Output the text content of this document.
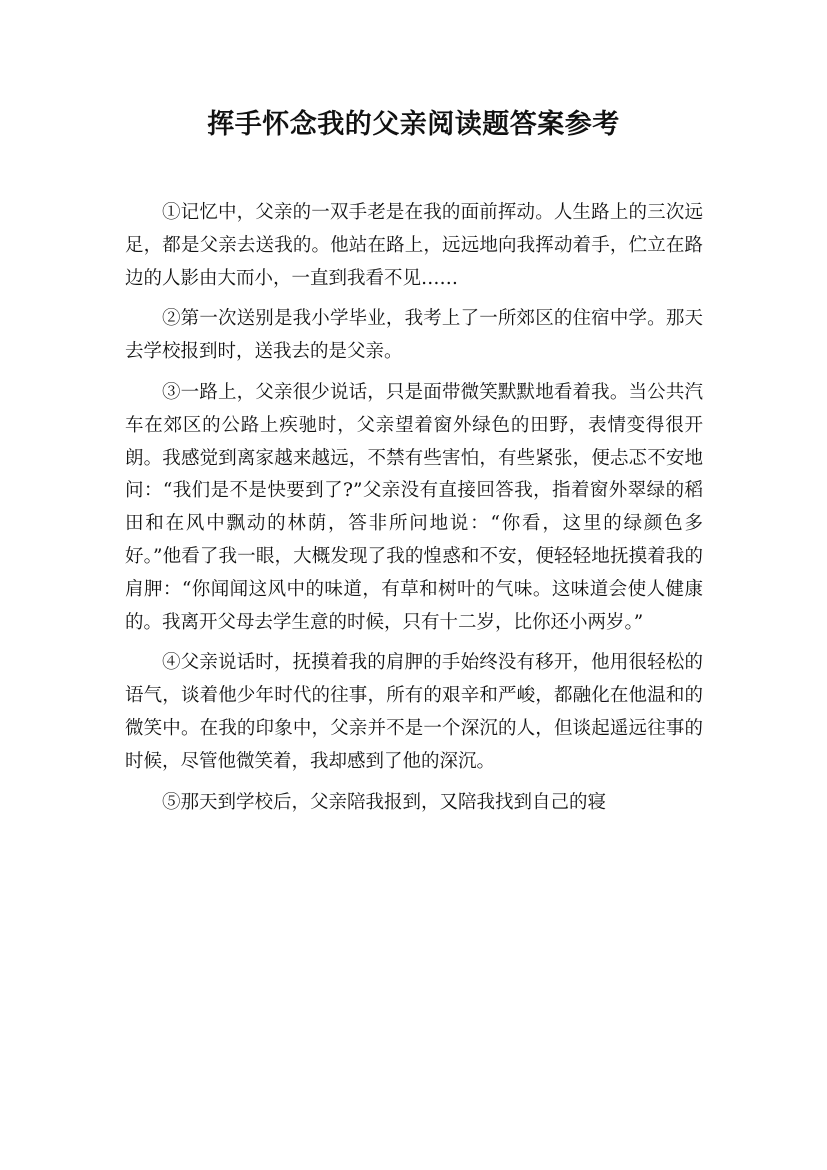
挥手怀念我的父亲阅读题答案参考

①记忆中，父亲的一双手老是在我的面前挥动。人生路上的三次远足，都是父亲去送我的。他站在路上，远远地向我挥动着手，伫立在路边的人影由大而小，一直到我看不见……

②第一次送别是我小学毕业，我考上了一所郊区的住宿中学。那天去学校报到时，送我去的是父亲。

③一路上，父亲很少说话，只是面带微笑默默地看着我。当公共汽车在郊区的公路上疾驰时，父亲望着窗外绿色的田野，表情变得很开朗。我感觉到离家越来越远，不禁有些害怕，有些紧张，便忐忑不安地问：“我们是不是快要到了?”父亲没有直接回答我，指着窗外翠绿的稻田和在风中飘动的林荫，答非所问地说：“你看，这里的绿颜色多好。”他看了我一眼，大概发现了我的惶惑和不安，便轻轻地抚摸着我的肩胛：“你闻闻这风中的味道，有草和树叶的气味。这味道会使人健康的。我离开父母去学生意的时候，只有十二岁，比你还小两岁。”

④父亲说话时，抚摸着我的肩胛的手始终没有移开，他用很轻松的语气，谈着他少年时代的往事，所有的艰辛和严峻，都融化在他温和的微笑中。在我的印象中，父亲并不是一个深沉的人，但谈起遥远往事的时候，尽管他微笑着，我却感到了他的深沉。

⑤那天到学校后，父亲陪我报到，又陪我找到自己的寝
